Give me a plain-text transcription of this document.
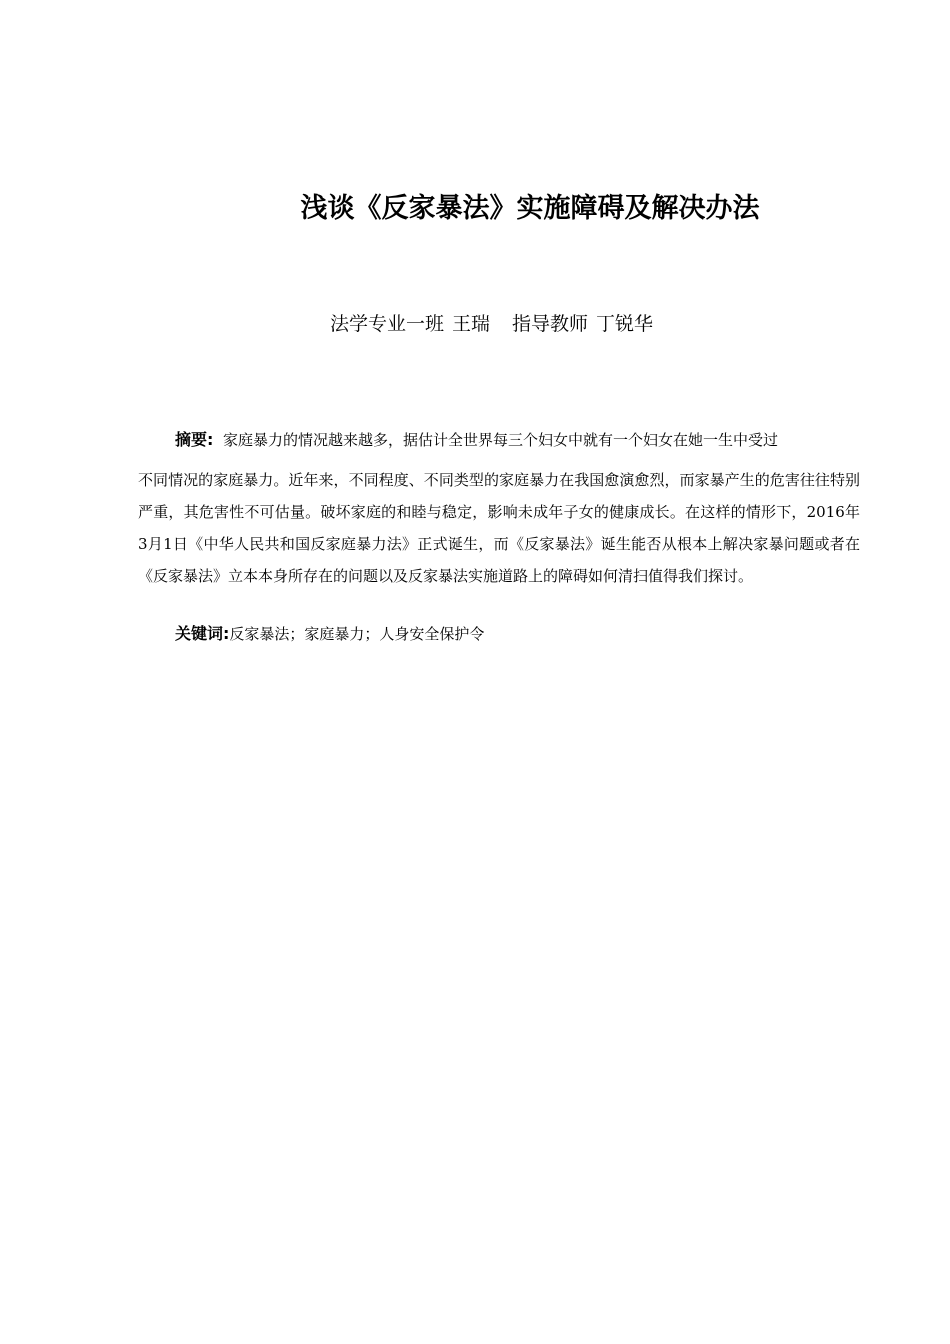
浅谈《反家暴法》实施障碍及解决办法
法学专业一班 王瑞 指导教师 丁锐华
摘要: 家庭暴力的情况越来越多，据估计全世界每三个妇女中就有一个妇女在她一生中受过
不同情况的家庭暴力。近年来，不同程度、不同类型的家庭暴力在我国愈演愈烈，而家暴产生的危害往往特别严重，其危害性不可估量。破坏家庭的和睦与稳定，影响未成年子女的健康成长。在这样的情形下，2016年3月1日《中华人民共和国反家庭暴力法》正式诞生，而《反家暴法》诞生能否从根本上解决家暴问题或者在《反家暴法》立本本身所存在的问题以及反家暴法实施道路上的障碍如何清扫值得我们探讨。
关键词:反家暴法；家庭暴力；人身安全保护令
